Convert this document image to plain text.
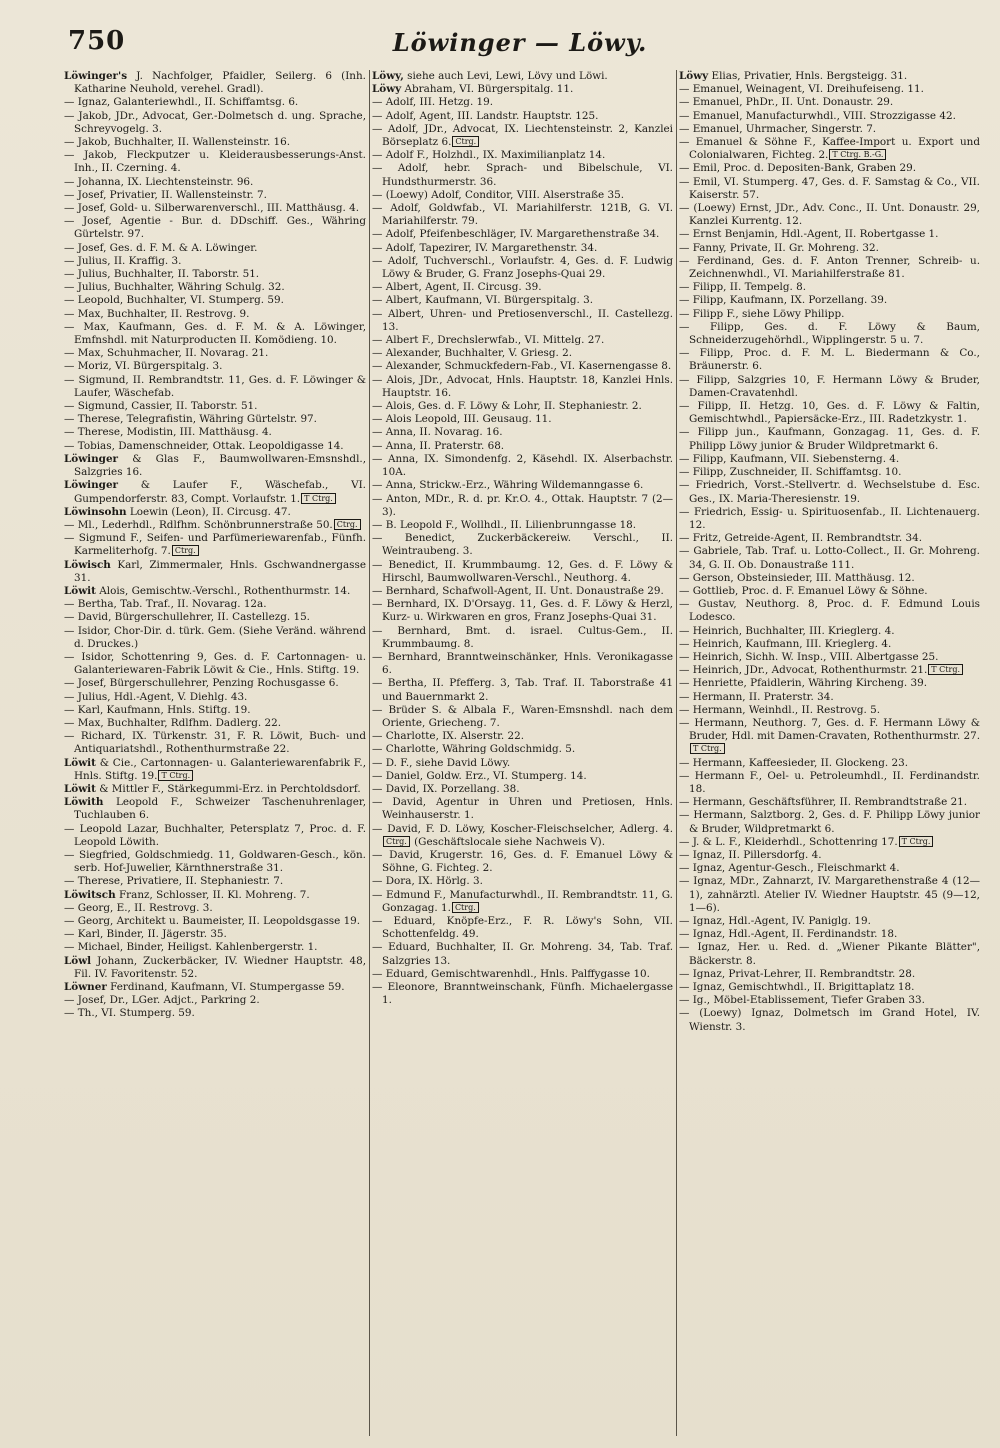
750	Löwinger — Löwy.
Löwinger's J. Nachfolger, Pfaidler, Seilerg. 6 (Inh. Katharine Neuhold, verehel. Gradl).
— Ignaz, Galanteriewhdl., II. Schiffamtsg. 6.
— Jakob, JDr., Advocat, Ger.-Dolmetsch d. ung. Sprache, Schreyvogelg. 3.
— Jakob, Buchhalter, II. Wallensteinstr. 16.
— Jakob, Fleckputzer u. Kleiderausbesserungs-Anst. Inh., II. Czerning. 4.
— Johanna, IX. Liechtensteinstr. 96.
— Josef, Privatier, II. Wallensteinstr. 7.
— Josef, Gold- u. Silberwarenverschl., III. Matthäusg. 4.
— Josef, Agentie - Bur. d. DDschiff. Ges., Währing Gürtelstr. 97.
— Josef, Ges. d. F. M. & A. Löwinger.
— Julius, II. Kraffig. 3.
— Julius, Buchhalter, II. Taborstr. 51.
— Julius, Buchhalter, Währing Schulg. 32.
— Leopold, Buchhalter, VI. Stumperg. 59.
— Max, Buchhalter, II. Restrovg. 9.
— Max, Kaufmann, Ges. d. F. M. & A. Löwinger, Emfnshdl. mit Naturproducten II. Komödieng. 10.
— Max, Schuhmacher, II. Novarag. 21.
— Moriz, VI. Bürgerspitalg. 3.
— Sigmund, II. Rembrandtstr. 11, Ges. d. F. Löwinger & Laufer, Wäschefab.
— Sigmund, Cassier, II. Taborstr. 51.
— Therese, Telegrafistin, Währing Gürtelstr. 97.
— Therese, Modistin, III. Matthäusg. 4.
— Tobias, Damenschneider, Ottak. Leopoldigasse 14.
Löwinger & Glas F., Baumwollwaren-Emsnshdl., Salzgries 16.
Löwinger & Laufer F., Wäschefab., VI. Gumpendorferstr. 83, Compt. Vorlaufstr. 1. T Ctrg.
Löwinsohn Loewin (Leon), II. Circusg. 47.
— Ml., Lederhdl., Rdlfhm. Schönbrunnerstraße 50. Ctrg.
— Sigmund F., Seifen- und Parfümeriewarenfab., Fünfh. Karmeliterhofg. 7. Ctrg.
Löwisch Karl, Zimmermaler, Hnls. Gschwandnergasse 31.
Löwit Alois, Gemischtw.-Verschl., Rothenthurmstr. 14.
— Bertha, Tab. Traf., II. Novarag. 12a.
— David, Bürgerschullehrer, II. Castellezg. 15.
— Isidor, Chor-Dir. d. türk. Gem. (Siehe Veränd. während d. Druckes.)
— Isidor, Schottenring 9, Ges. d. F. Cartonnagen- u. Galanteriewaren-Fabrik Löwit & Cie., Hnls. Stiftg. 19.
— Josef, Bürgerschullehrer, Penzing Rochusgasse 6.
— Julius, Hdl.-Agent, V. Diehlg. 43.
— Karl, Kaufmann, Hnls. Stiftg. 19.
— Max, Buchhalter, Rdlfhm. Dadlerg. 22.
— Richard, IX. Türkenstr. 31, F. R. Löwit, Buch- und Antiquariatshdl., Rothenthurmstraße 22.
Löwit & Cie., Cartonnagen- u. Galanteriewarenfabrik F., Hnls. Stiftg. 19. T Ctrg.
Löwit & Mittler F., Stärkegummi-Erz. in Perchtoldsdorf.
Löwith Leopold F., Schweizer Taschenuhrenlager, Tuchlauben 6.
— Leopold Lazar, Buchhalter, Petersplatz 7, Proc. d. F. Leopold Löwith.
— Siegfried, Goldschmiedg. 11, Goldwaren-Gesch., kön. serb. Hof-Juwelier, Kärnthnerstraße 31.
— Therese, Privatiere, II. Stephaniestr. 7.
Löwitsch Franz, Schlosser, II. Kl. Mohreng. 7.
— Georg, E., II. Restrovg. 3.
— Georg, Architekt u. Baumeister, II. Leopoldsgasse 19.
— Karl, Binder, II. Jägerstr. 35.
— Michael, Binder, Heiligst. Kahlenbergerstr. 1.
Löwl Johann, Zuckerbäcker, IV. Wiedner Hauptstr. 48, Fil. IV. Favoritenstr. 52.
Löwner Ferdinand, Kaufmann, VI. Stumpergasse 59.
— Josef, Dr., LGer. Adjct., Parkring 2.
— Th., VI. Stumperg. 59.
Löwy, siehe auch Levi, Lewi, Lövy und Löwi.
Löwy Abraham, VI. Bürgerspitalg. 11.
— Adolf, III. Hetzg. 19.
— Adolf, Agent, III. Landstr. Hauptstr. 125.
— Adolf, JDr., Advocat, IX. Liechtensteinstr. 2, Kanzlei Börseplatz 6. Ctrg.
— Adolf F., Holzhdl., IX. Maximilianplatz 14.
— Adolf, hebr. Sprach- und Bibelschule, VI. Hundsthurmerstr. 36.
— (Loewy) Adolf, Conditor, VIII. Alserstraße 35.
— Adolf, Goldwfab., VI. Mariahilferstr. 121B, G. VI. Mariahilferstr. 79.
— Adolf, Pfeifenbeschläger, IV. Margarethenstraße 34.
— Adolf, Tapezirer, IV. Margarethenstr. 34.
— Adolf, Tuchverschl., Vorlaufstr. 4, Ges. d. F. Ludwig Löwy & Bruder, G. Franz Josephs-Quai 29.
— Albert, Agent, II. Circusg. 39.
— Albert, Kaufmann, VI. Bürgerspitalg. 3.
— Albert, Uhren- und Pretiosenverschl., II. Castellezg. 13.
— Albert F., Drechslerwfab., VI. Mittelg. 27.
— Alexander, Buchhalter, V. Griesg. 2.
— Alexander, Schmuckfedern-Fab., VI. Kasernengasse 8.
— Alois, JDr., Advocat, Hnls. Hauptstr. 18, Kanzlei Hnls. Hauptstr. 16.
— Alois, Ges. d. F. Löwy & Lohr, II. Stephaniestr. 2.
— Alois Leopold, III. Geusaug. 11.
— Anna, II. Novarag. 16.
— Anna, II. Praterstr. 68.
— Anna, IX. Simondenfg. 2, Käsehdl. IX. Alserbachstr. 10A.
— Anna, Strickw.-Erz., Währing Wildemanngasse 6.
— Anton, MDr., R. d. pr. Kr.O. 4., Ottak. Hauptstr. 7 (2—3).
— B. Leopold F., Wollhdl., II. Lilienbrunngasse 18.
— Benedict, Zuckerbäckereiw. Verschl., II. Weintraubeng. 3.
— Benedict, II. Krummbaumg. 12, Ges. d. F. Löwy & Hirschl, Baumwollwaren-Verschl., Neuthorg. 4.
— Bernhard, Schafwoll-Agent, II. Unt. Donaustraße 29.
— Bernhard, IX. D'Orsayg. 11, Ges. d. F. Löwy & Herzl, Kurz- u. Wirkwaren en gros, Franz Josephs-Quai 31.
— Bernhard, Bmt. d. israel. Cultus-Gem., II. Krummbaumg. 8.
— Bernhard, Branntweinschänker, Hnls. Veronikagasse 6.
— Bertha, II. Pfefferg. 3, Tab. Traf. II. Taborstraße 41 und Bauernmarkt 2.
— Brüder S. & Albala F., Waren-Emsnshdl. nach dem Oriente, Griecheng. 7.
— Charlotte, IX. Alserstr. 22.
— Charlotte, Währing Goldschmidg. 5.
— D. F., siehe David Löwy.
— Daniel, Goldw. Erz., VI. Stumperg. 14.
— David, IX. Porzellang. 38.
— David, Agentur in Uhren und Pretiosen, Hnls. Weinhauserstr. 1.
— David, F. D. Löwy, Koscher-Fleischselcher, Adlerg. 4.Ctrg. (Geschäftslocale siehe Nachweis V).
— David, Krugerstr. 16, Ges. d. F. Emanuel Löwy & Söhne, G. Fichteg. 2.
— Dora, IX. Hörlg. 3.
— Edmund F., Manufacturwhdl., II. Rembrandtstr. 11, G. Gonzagag. 1. Ctrg.
— Eduard, Knöpfe-Erz., F. R. Löwy's Sohn, VII. Schottenfeldg. 49.
— Eduard, Buchhalter, II. Gr. Mohreng. 34, Tab. Traf. Salzgries 13.
— Eduard, Gemischtwarenhdl., Hnls. Palffygasse 10.
— Eleonore, Branntweinschank, Fünfh. Michaelergasse 1.
Löwy Elias, Privatier, Hnls. Bergsteigg. 31.
— Emanuel, Weinagent, VI. Dreihufeiseng. 11.
— Emanuel, PhDr., II. Unt. Donaustr. 29.
— Emanuel, Manufacturwhdl., VIII. Strozzigasse 42.
— Emanuel, Uhrmacher, Singerstr. 7.
— Emanuel & Söhne F., Kaffee-Import u. Export und Colonialwaren, Fichteg. 2. T Ctrg. B.-G.
— Emil, Proc. d. Depositen-Bank, Graben 29.
— Emil, VI. Stumperg. 47, Ges. d. F. Samstag & Co., VII. Kaiserstr. 57.
— (Loewy) Ernst, JDr., Adv. Conc., II. Unt. Donaustr. 29, Kanzlei Kurrentg. 12.
— Ernst Benjamin, Hdl.-Agent, II. Robertgasse 1.
— Fanny, Private, II. Gr. Mohreng. 32.
— Ferdinand, Ges. d. F. Anton Trenner, Schreib- u. Zeichnenwhdl., VI. Mariahilferstraße 81.
— Filipp, II. Tempelg. 8.
— Filipp, Kaufmann, IX. Porzellang. 39.
— Filipp F., siehe Löwy Philipp.
— Filipp, Ges. d. F. Löwy & Baum, Schneiderzugehörhdl., Wipplingerstr. 5 u. 7.
— Filipp, Proc. d. F. M. L. Biedermann & Co., Bräunerstr. 6.
— Filipp, Salzgries 10, F. Hermann Löwy & Bruder, Damen-Cravatenhdl.
— Filipp, II. Hetzg. 10, Ges. d. F. Löwy & Faltin, Gemischtwhdl., Papiersäcke-Erz., III. Radetzkystr. 1.
— Filipp jun., Kaufmann, Gonzagag. 11, Ges. d. F. Philipp Löwy junior & Bruder Wildpretmarkt 6.
— Filipp, Kaufmann, VII. Siebensterng. 4.
— Filipp, Zuschneider, II. Schiffamtsg. 10.
— Friedrich, Vorst.-Stellvertr. d. Wechselstube d. Esc. Ges., IX. Maria-Theresienstr. 19.
— Friedrich, Essig- u. Spirituosenfab., II. Lichtenauerg. 12.
— Fritz, Getreide-Agent, II. Rembrandtstr. 34.
— Gabriele, Tab. Traf. u. Lotto-Collect., II. Gr. Mohreng. 34, G. II. Ob. Donaustraße 111.
— Gerson, Obsteinsieder, III. Matthäusg. 12.
— Gottlieb, Proc. d. F. Emanuel Löwy & Söhne.
— Gustav, Neuthorg. 8, Proc. d. F. Edmund Louis Lodesco.
— Heinrich, Buchhalter, III. Krieglerg. 4.
— Heinrich, Kaufmann, III. Krieglerg. 4.
— Heinrich, Sichh. W. Insp., VIII. Albertgasse 25.
— Heinrich, JDr., Advocat, Rothenthurmstr. 21. T Ctrg.
— Henriette, Pfaidlerin, Währing Kircheng. 39.
— Hermann, II. Praterstr. 34.
— Hermann, Weinhdl., II. Restrovg. 5.
— Hermann, Neuthorg. 7, Ges. d. F. Hermann Löwy & Bruder, Hdl. mit Damen-Cravaten, Rothenthurmstr. 27.T Ctrg.
— Hermann, Kaffeesieder, II. Glockeng. 23.
— Hermann F., Oel- u. Petroleumhdl., II. Ferdinandstr. 18.
— Hermann, Geschäftsführer, II. Rembrandtstraße 21.
— Hermann, Salztborg. 2, Ges. d. F. Philipp Löwy junior & Bruder, Wildpretmarkt 6.
— J. & L. F., Kleiderhdl., Schottenring 17. T Ctrg.
— Ignaz, II. Pillersdorfg. 4.
— Ignaz, Agentur-Gesch., Fleischmarkt 4.
— Ignaz, MDr., Zahnarzt, IV. Margarethenstraße 4 (12—1), zahnärztl. Atelier IV. Wiedner Hauptstr. 45 (9—12, 1—6).
— Ignaz, Hdl.-Agent, IV. Paniglg. 19.
— Ignaz, Hdl.-Agent, II. Ferdinandstr. 18.
— Ignaz, Her. u. Red. d. „Wiener Pikante Blätter", Bäckerstr. 8.
— Ignaz, Privat-Lehrer, II. Rembrandtstr. 28.
— Ignaz, Gemischtwhdl., II. Brigittaplatz 18.
— Ig., Möbel-Etablissement, Tiefer Graben 33.
— (Loewy) Ignaz, Dolmetsch im Grand Hotel, IV. Wienstr. 3.
